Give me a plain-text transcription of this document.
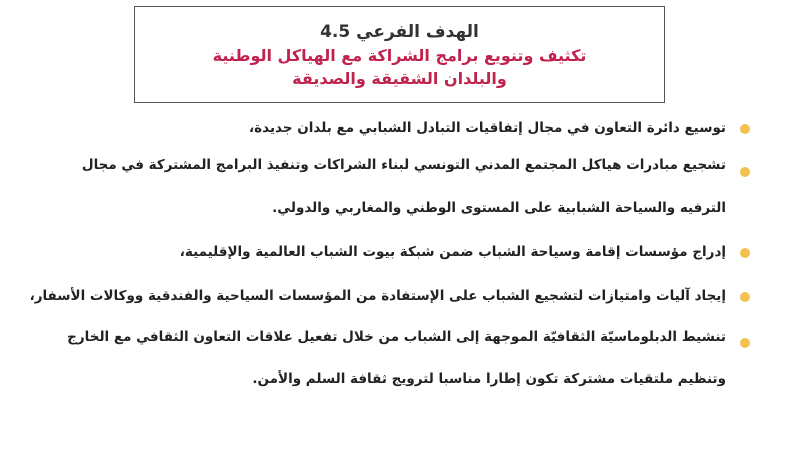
الهدف الفرعي 4.5
تكثيف وتنويع برامج الشراكة مع الهياكل الوطنية
والبلدان الشقيقة والصديقة
توسيع دائرة التعاون في مجال إتفاقيات التبادل الشبابي مع بلدان جديدة،
تشجيع مبادرات هياكل المجتمع المدني التونسي لبناء الشراكات وتنفيذ البرامج المشتركة في مجال
الترفيه والسياحة الشبابية على المستوى الوطني والمغاربي والدولي.
إدراج مؤسسات إقامة وسياحة الشباب ضمن شبكة بيوت الشباب العالمية والإقليمية،
إيجاد آليات وامتيازات لتشجيع الشباب على الإستفادة من المؤسسات السياحية والفندقية ووكالات الأسفار،
تنشيط الدبلوماسيّة الثقافيّة الموجهة إلى الشباب من خلال تفعيل علاقات التعاون الثقافي مع الخارج
وتنظيم ملتقيات مشتركة تكون إطارا مناسبا لترويج ثقافة السلم والأمن.
